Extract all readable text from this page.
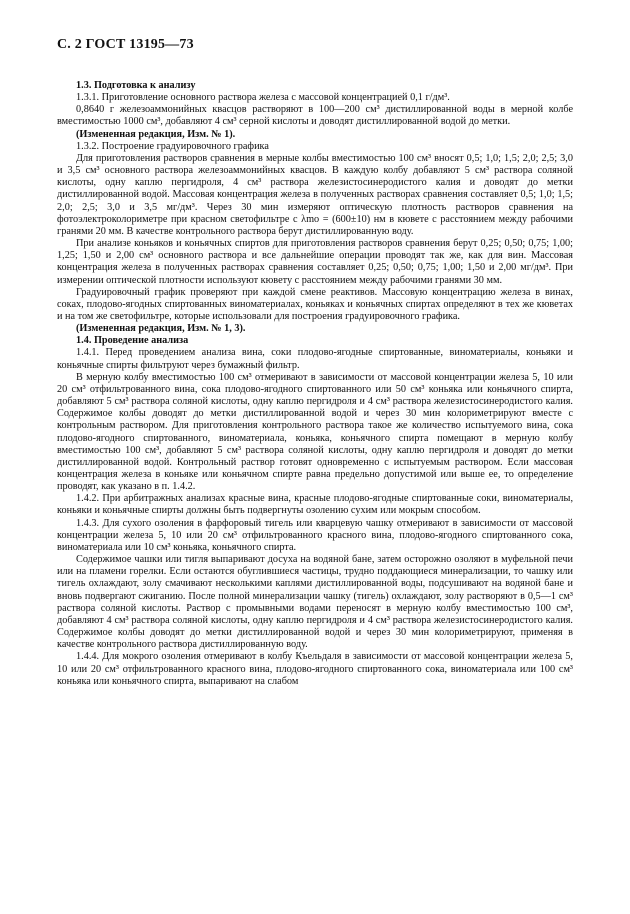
С. 2 ГОСТ 13195—73

1.3. Подготовка к анализу

1.3.1. Приготовление основного раствора железа с массовой концентрацией 0,1 г/дм³.

0,8640 г железоаммонийных квасцов растворяют в 100—200 см³ дистиллированной воды в мерной колбе вместимостью 1000 см³, добавляют 4 см³ серной кислоты и доводят дистиллированной водой до метки.

(Измененная редакция, Изм. № 1).

1.3.2. Построение градуировочного графика

Для приготовления растворов сравнения в мерные колбы вместимостью 100 см³ вносят 0,5; 1,0; 1,5; 2,0; 2,5; 3,0 и 3,5 см³ основного раствора железоаммонийных квасцов. В каждую колбу добавляют 5 см³ раствора соляной кислоты, одну каплю пергидроля, 4 см³ раствора железистосинеродистого калия и доводят до метки дистиллированной водой. Массовая концентрация железа в полученных растворах сравнения составляет 0,5; 1,0; 1,5; 2,0; 2,5; 3,0 и 3,5 мг/дм³. Через 30 мин измеряют оптическую плотность растворов сравнения на фотоэлектроколориметре при красном светофильтре с λmo = (600±10) нм в кювете с расстоянием между рабочими гранями 20 мм. В качестве контрольного раствора берут дистиллированную воду.

При анализе коньяков и коньячных спиртов для приготовления растворов сравнения берут 0,25; 0,50; 0,75; 1,00; 1,25; 1,50 и 2,00 см³ основного раствора и все дальнейшие операции проводят так же, как для вин. Массовая концентрация железа в полученных растворах сравнения составляет 0,25; 0,50; 0,75; 1,00; 1,50 и 2,00 мг/дм³. При измерении оптической плотности используют кювету с расстоянием между рабочими гранями 30 мм.

Градуировочный график проверяют при каждой смене реактивов. Массовую концентрацию железа в винах, соках, плодово-ягодных спиртованных виноматериалах, коньяках и коньячных спиртах определяют в тех же кюветах и на том же светофильтре, которые использовали для построения градуировочного графика.

(Измененная редакция, Изм. № 1, 3).

1.4. Проведение анализа

1.4.1. Перед проведением анализа вина, соки плодово-ягодные спиртованные, виноматериалы, коньяки и коньячные спирты фильтруют через бумажный фильтр.

В мерную колбу вместимостью 100 см³ отмеривают в зависимости от массовой концентрации железа 5, 10 или 20 см³ отфильтрованного вина, сока плодово-ягодного спиртованного или 50 см³ коньяка или коньячного спирта, добавляют 5 см³ раствора соляной кислоты, одну каплю пергидроля и 4 см³ раствора железистосинеродистого калия. Содержимое колбы доводят до метки дистиллированной водой и через 30 мин колориметрируют вместе с контрольным раствором. Для приготовления контрольного раствора такое же количество испытуемого вина, сока плодово-ягодного спиртованного, виноматериала, коньяка, коньячного спирта помещают в мерную колбу вместимостью 100 см³, добавляют 5 см³ раствора соляной кислоты, одну каплю пергидроля и доводят до метки дистиллированной водой. Контрольный раствор готовят одновременно с испытуемым раствором. Если массовая концентрация железа в коньяке или коньячном спирте равна предельно допустимой или выше ее, то определение проводят, как указано в п. 1.4.2.

1.4.2. При арбитражных анализах красные вина, красные плодово-ягодные спиртованные соки, виноматериалы, коньяки и коньячные спирты должны быть подвергнуты озолению сухим или мокрым способом.

1.4.3. Для сухого озоления в фарфоровый тигель или кварцевую чашку отмеривают в зависимости от массовой концентрации железа 5, 10 или 20 см³ отфильтрованного красного вина, плодово-ягодного спиртованного сока, виноматериала или 10 см³ коньяка, коньячного спирта.

Содержимое чашки или тигля выпаривают досуха на водяной бане, затем осторожно озоляют в муфельной печи или на пламени горелки. Если остаются обуглившиеся частицы, трудно поддающиеся минерализации, то чашку или тигель охлаждают, золу смачивают несколькими каплями дистиллированной воды, подсушивают на водяной бане и вновь подвергают сжиганию. После полной минерализации чашку (тигель) охлаждают, золу растворяют в 0,5—1 см³ раствора соляной кислоты. Раствор с промывными водами переносят в мерную колбу вместимостью 100 см³, добавляют 4 см³ раствора соляной кислоты, одну каплю пергидроля и 4 см³ раствора железистосинеродистого калия. Содержимое колбы доводят до метки дистиллированной водой и через 30 мин колориметрируют, применяя в качестве контрольного раствора дистиллированную воду.

1.4.4. Для мокрого озоления отмеривают в колбу Къельдаля в зависимости от массовой концентрации железа 5, 10 или 20 см³ отфильтрованного красного вина, плодово-ягодного спиртованного сока, виноматериала или 100 см³ коньяка или коньячного спирта, выпаривают на слабом
